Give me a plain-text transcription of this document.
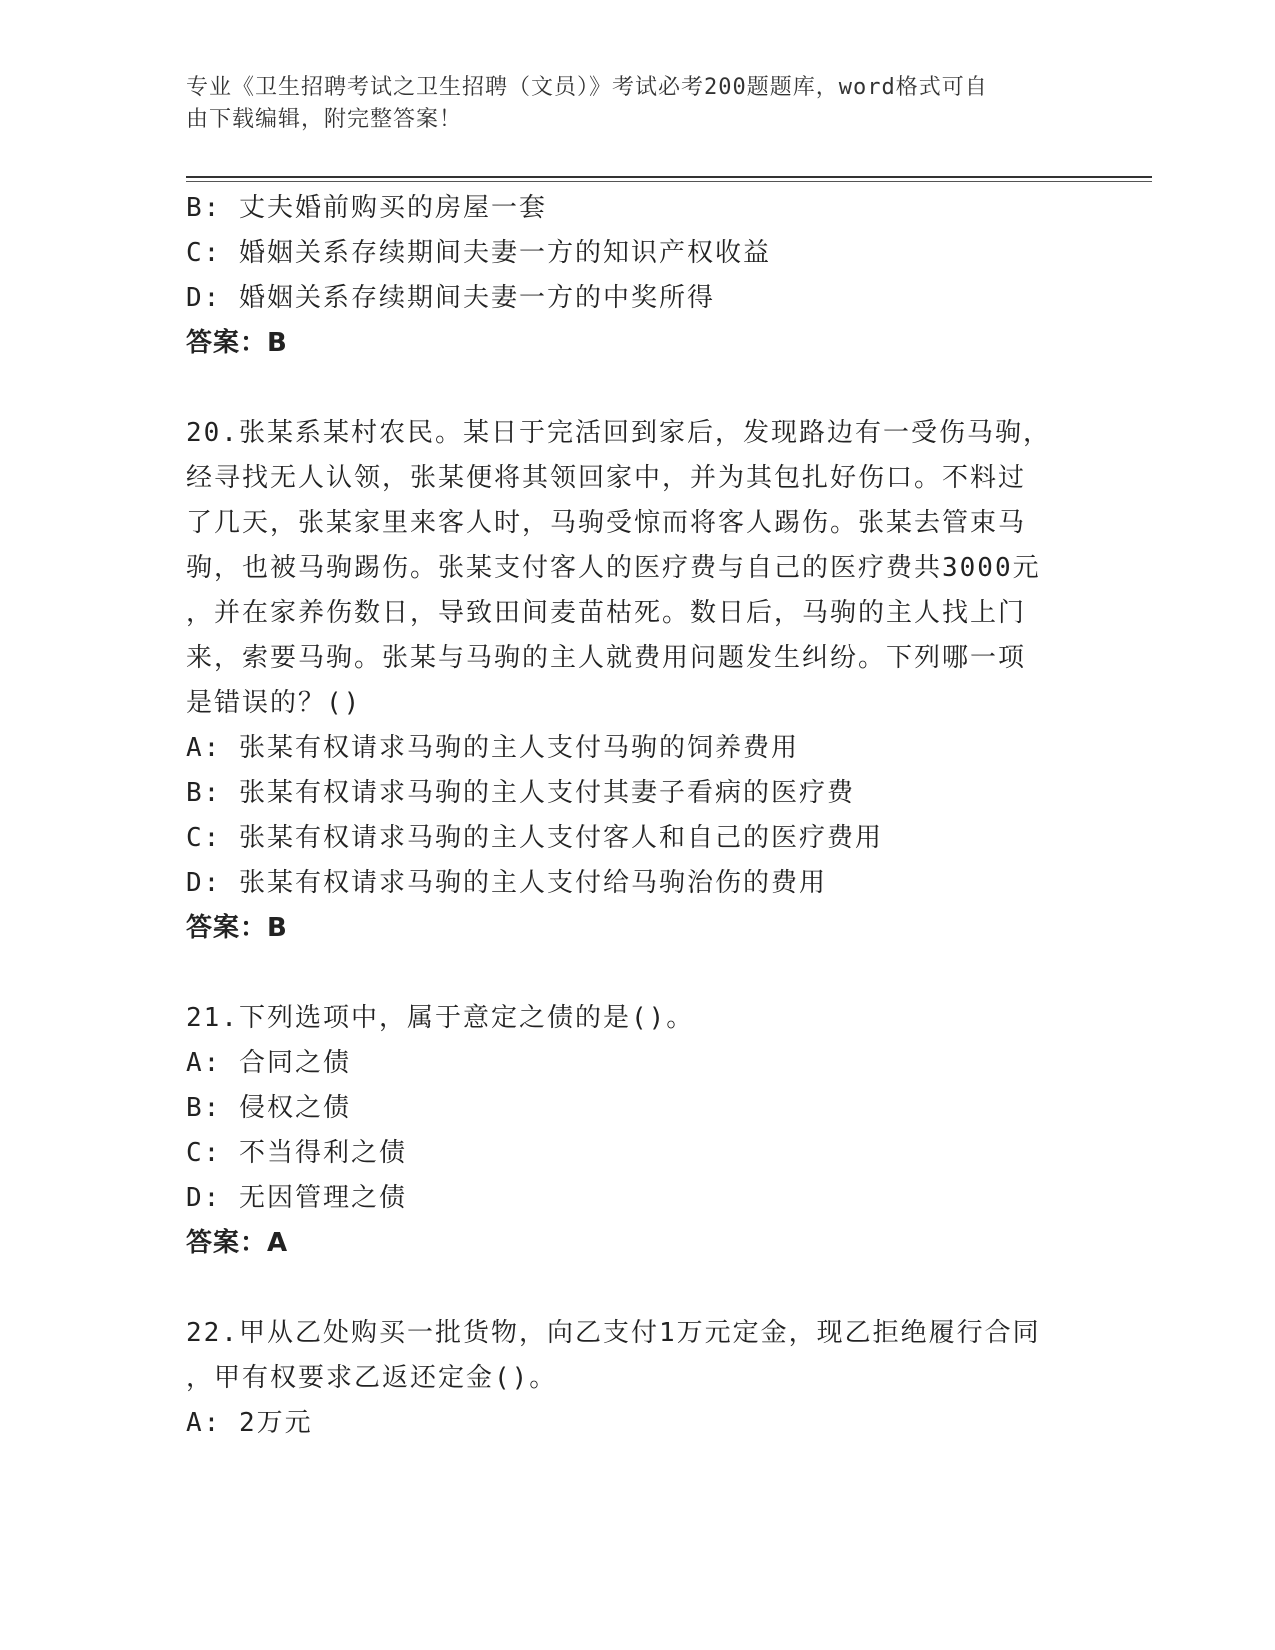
专业《卫生招聘考试之卫生招聘（文员）》考试必考200题题库，word格式可自
由下载编辑，附完整答案！
B: 丈夫婚前购买的房屋一套
C: 婚姻关系存续期间夫妻一方的知识产权收益
D: 婚姻关系存续期间夫妻一方的中奖所得
答案：B
20.张某系某村农民。某日于完活回到家后，发现路边有一受伤马驹，
经寻找无人认领，张某便将其领回家中，并为其包扎好伤口。不料过
了几天，张某家里来客人时，马驹受惊而将客人踢伤。张某去管束马
驹，也被马驹踢伤。张某支付客人的医疗费与自己的医疗费共3000元
，并在家养伤数日，导致田间麦苗枯死。数日后，马驹的主人找上门
来，索要马驹。张某与马驹的主人就费用问题发生纠纷。下列哪一项
是错误的？()
A: 张某有权请求马驹的主人支付马驹的饲养费用
B: 张某有权请求马驹的主人支付其妻子看病的医疗费
C: 张某有权请求马驹的主人支付客人和自己的医疗费用
D: 张某有权请求马驹的主人支付给马驹治伤的费用
答案：B
21.下列选项中，属于意定之债的是()。
A: 合同之债
B: 侵权之债
C: 不当得利之债
D: 无因管理之债
答案：A
22.甲从乙处购买一批货物，向乙支付1万元定金，现乙拒绝履行合同
，甲有权要求乙返还定金()。
A: 2万元
